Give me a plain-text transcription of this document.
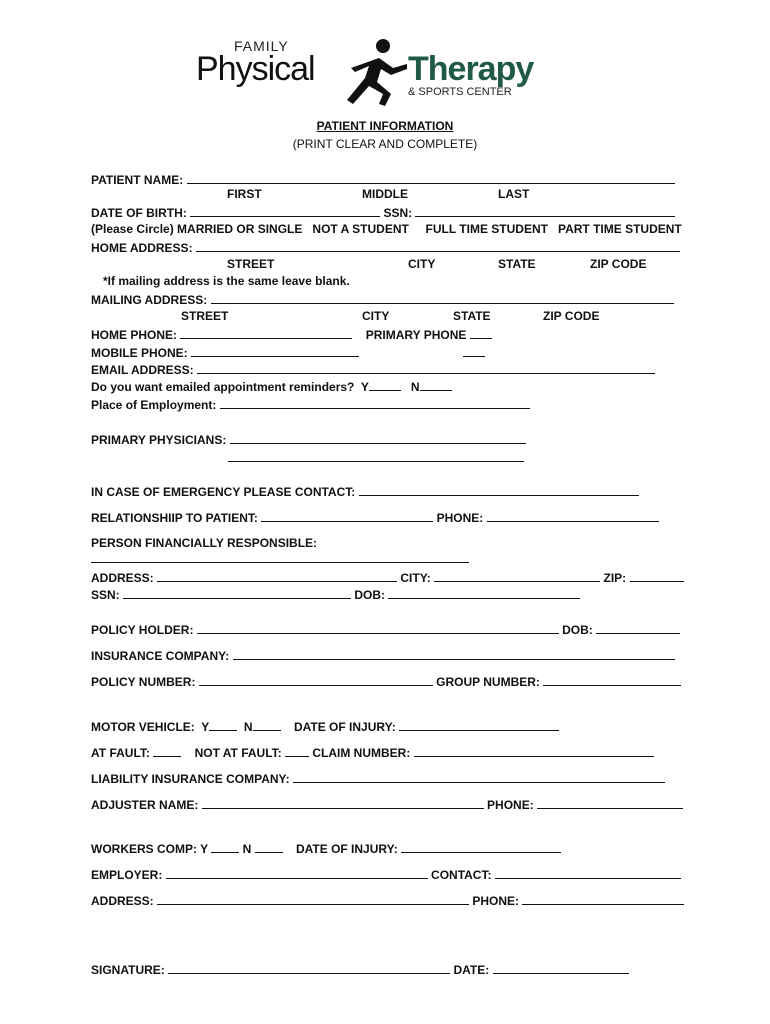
FAMILY
Physical	Therapy
& SPORTS CENTER
PATIENT INFORMATION
(PRINT CLEAR AND COMPLETE)
PATIENT NAME:
FIRST	MIDDLE	LAST
DATE OF BIRTH:	SSN:
(Please Circle) MARRIED OR SINGLE NOT A STUDENT FULL TIME STUDENT PART TIME STUDENT
HOME ADDRESS:
STREET	CITY	STATE	ZIP CODE
*If mailing address is the same leave blank.
MAILING ADDRESS:
STREET	CITY	STATE	ZIP CODE
HOME PHONE:	PRIMARY PHONE
MOBILE PHONE:
EMAIL ADDRESS:
Do you want emailed appointment reminders? Y	N
Place of Employment:
PRIMARY PHYSICIANS:
IN CASE OF EMERGENCY PLEASE CONTACT:
RELATIONSHIIP TO PATIENT:	PHONE:
PERSON FINANCIALLY RESPONSIBLE:
ADDRESS:	CITY:	ZIP:
SSN:	DOB:
POLICY HOLDER:	DOB:
INSURANCE COMPANY:
POLICY NUMBER:	GROUP NUMBER:
MOTOR VEHICLE: Y	N	DATE OF INJURY:
AT FAULT:	NOT AT FAULT:	CLAIM NUMBER:
LIABILITY INSURANCE COMPANY:
ADJUSTER NAME:	PHONE:
WORKERS COMP: Y	N	DATE OF INJURY:
EMPLOYER:	CONTACT:
ADDRESS:	PHONE:
SIGNATURE:	DATE:
